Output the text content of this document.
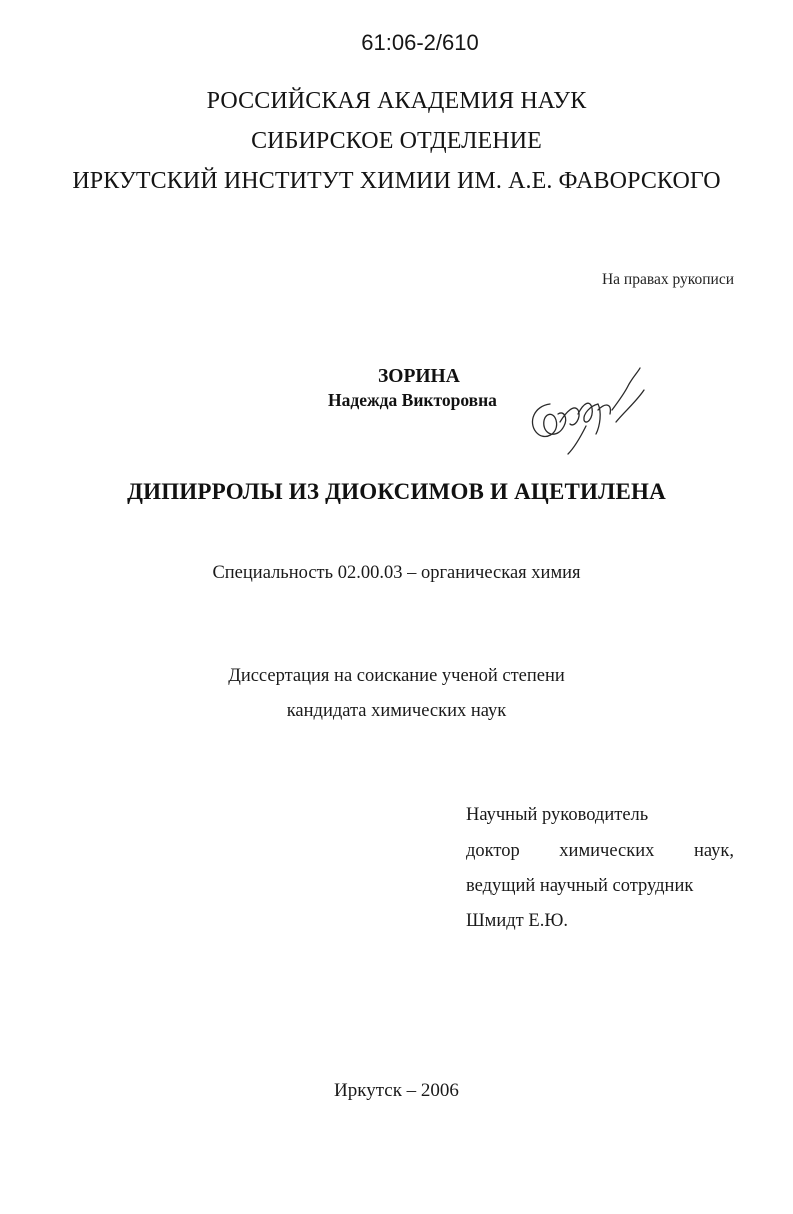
61:06-2/610
РОССИЙСКАЯ АКАДЕМИЯ НАУК
СИБИРСКОЕ ОТДЕЛЕНИЕ
ИРКУТСКИЙ ИНСТИТУТ ХИМИИ ИМ. А.Е. ФАВОРСКОГО
На правах рукописи
ЗОРИНА
Надежда Викторовна
ДИПИРРОЛЫ ИЗ ДИОКСИМОВ И АЦЕТИЛЕНА
Специальность 02.00.03 – органическая химия
Диссертация на соискание ученой степени
кандидата химических наук
Научный руководитель
доктор химических наук,
ведущий научный сотрудник
Шмидт Е.Ю.
Иркутск – 2006
